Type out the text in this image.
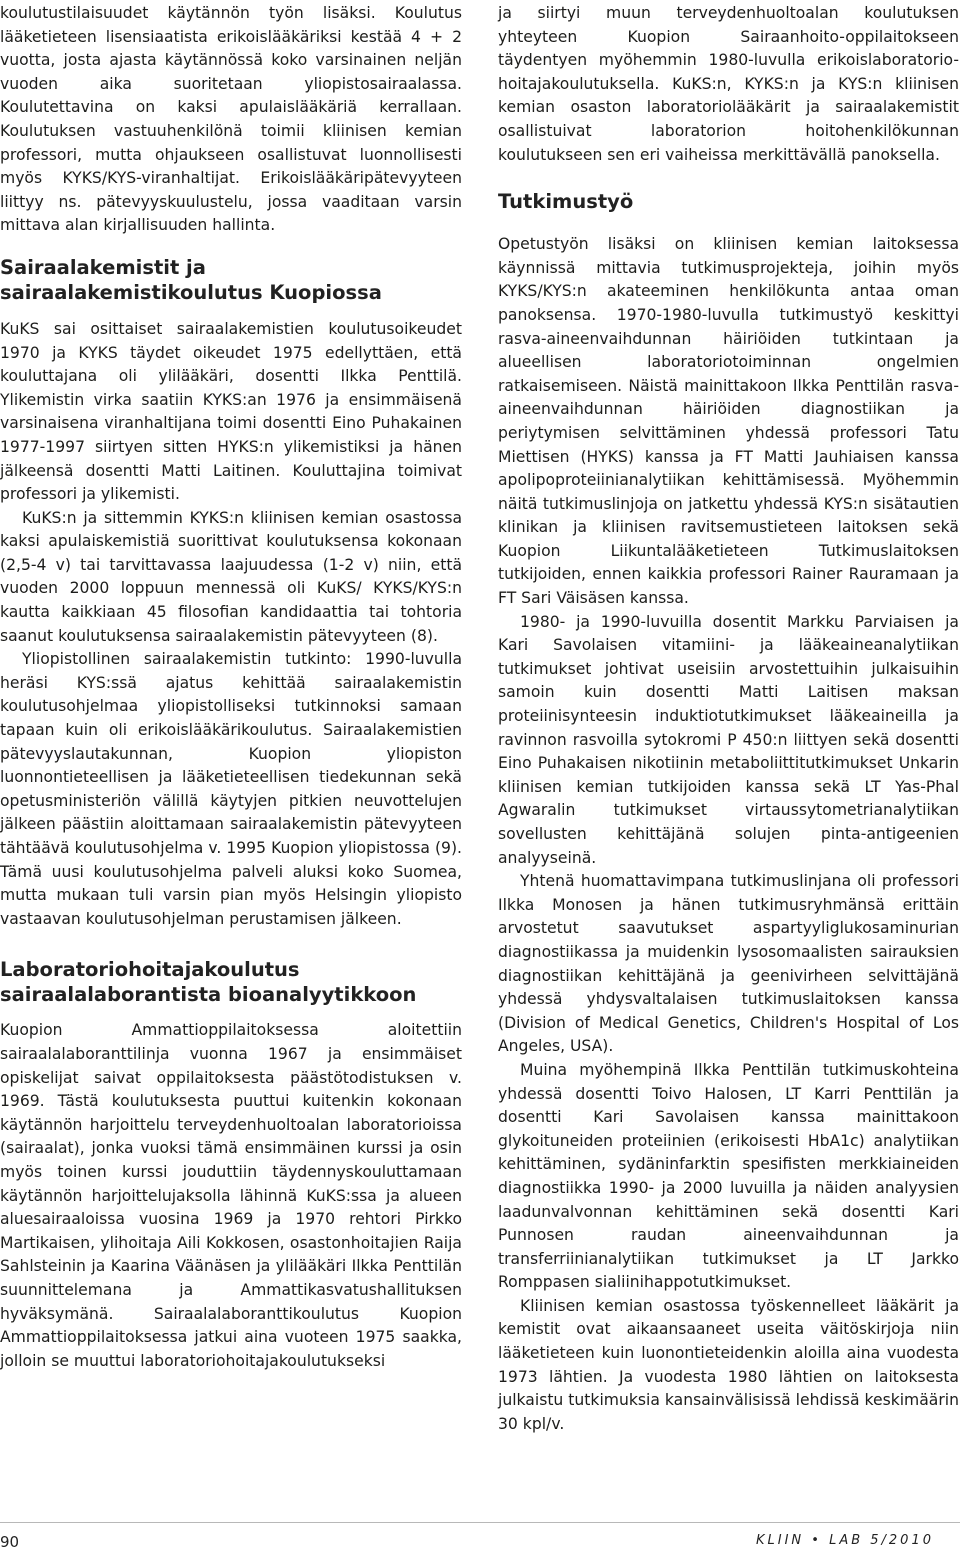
koulutustilaisuudet käytännön työn lisäksi. Koulutus lääketieteen lisensiaatista erikoislääkäriksi kestää 4 + 2 vuotta, josta ajasta käytännössä koko varsinainen neljän vuoden aika suoritetaan yliopistosairaalassa. Koulutettavina on kaksi apulaislääkäriä kerrallaan. Koulutuksen vastuuhenkilönä toimii kliinisen kemian professori, mutta ohjaukseen osallistuvat luonnollisesti myös KYKS/KYS-viranhaltijat. Erikoislääkäripätevyyteen liittyy ns. pätevyyskuulustelu, jossa vaaditaan varsin mittava alan kirjallisuuden hallinta.

Sairaalakemistit ja sairaalakemistikoulutus Kuopiossa

KuKS sai osittaiset sairaalakemistien koulutusoikeudet 1970 ja KYKS täydet oikeudet 1975 edellyttäen, että kouluttajana oli ylilääkäri, dosentti Ilkka Penttilä. Ylikemistin virka saatiin KYKS:an 1976 ja ensimmäisenä varsinaisena viranhaltijana toimi dosentti Eino Puhakainen 1977-1997 siirtyen sitten HYKS:n ylikemistiksi ja hänen jälkeensä dosentti Matti Laitinen. Kouluttajina toimivat professori ja ylikemisti.

KuKS:n ja sittemmin KYKS:n kliinisen kemian osastossa kaksi apulaiskemistiä suorittivat koulutuksensa kokonaan (2,5-4 v) tai tarvittavassa laajuudessa (1-2 v) niin, että vuoden 2000 loppuun mennessä oli KuKS/ KYKS/KYS:n kautta kaikkiaan 45 filosofian kandidaattia tai tohtoria saanut koulutuksensa sairaalakemistin pätevyyteen (8).

Yliopistollinen sairaalakemistin tutkinto: 1990-luvulla heräsi KYS:ssä ajatus kehittää sairaalakemistin koulutusohjelmaa yliopistolliseksi tutkinnoksi samaan tapaan kuin oli erikoislääkärikoulutus. Sairaalakemistien pätevyyslautakunnan, Kuopion yliopiston luonnontieteellisen ja lääketieteellisen tiedekunnan sekä opetusministeriön välillä käytyjen pitkien neuvottelujen jälkeen päästiin aloittamaan sairaalakemistin pätevyyteen tähtäävä koulutusohjelma v. 1995 Kuopion yliopistossa (9). Tämä uusi koulutusohjelma palveli aluksi koko Suomea, mutta mukaan tuli varsin pian myös Helsingin yliopisto vastaavan koulutusohjelman perustamisen jälkeen.

Laboratoriohoitajakoulutus sairaalalaborantista bioanalyytikkoon

Kuopion Ammattioppilaitoksessa aloitettiin sairaalalaboranttilinja vuonna 1967 ja ensimmäiset opiskelijat saivat oppilaitoksesta päästötodistuksen v. 1969. Tästä koulutuksesta puuttui kuitenkin kokonaan käytännön harjoittelu terveydenhuoltoalan laboratorioissa (sairaalat), jonka vuoksi tämä ensimmäinen kurssi ja osin myös toinen kurssi jouduttiin täydennyskouluttamaan käytännön harjoittelujaksolla lähinnä KuKS:ssa ja alueen aluesairaaloissa vuosina 1969 ja 1970 rehtori Pirkko Martikaisen, ylihoitaja Aili Kokkosen, osastonhoitajien Raija Sahlsteinin ja Kaarina Väänäsen ja ylilääkäri Ilkka Penttilän suunnittelemana ja Ammattikasvatushallituksen hyväksymänä. Sairaalalaboranttikoulutus Kuopion Ammattioppilaitoksessa jatkui aina vuoteen 1975 saakka, jolloin se muuttui laboratoriohoitajakoulutukseksi

ja siirtyi muun terveydenhuoltoalan koulutuksen yhteyteen Kuopion Sairaanhoito-oppilaitokseen täydentyen myöhemmin 1980-luvulla erikoislaboratorio-hoitajakoulutuksella. KuKS:n, KYKS:n ja KYS:n kliinisen kemian osaston laboratoriolääkärit ja sairaalakemistit osallistuivat laboratorion hoitohenkilökunnan koulutukseen sen eri vaiheissa merkittävällä panoksella.

Tutkimustyö

Opetustyön lisäksi on kliinisen kemian laitoksessa käynnissä mittavia tutkimusprojekteja, joihin myös KYKS/KYS:n akateeminen henkilökunta antaa oman panoksensa. 1970-1980-luvulla tutkimustyö keskittyi rasva-aineenvaihdunnan häiriöiden tutkintaan ja alueellisen laboratoriotoiminnan ongelmien ratkaisemiseen. Näistä mainittakoon Ilkka Penttilän rasva-aineenvaihdunnan häiriöiden diagnostiikan ja periytymisen selvittäminen yhdessä professori Tatu Miettisen (HYKS) kanssa ja FT Matti Jauhiaisen kanssa apolipoproteiinianalytiikan kehittämisessä. Myöhemmin näitä tutkimuslinjoja on jatkettu yhdessä KYS:n sisätautien klinikan ja kliinisen ravitsemustieteen laitoksen sekä Kuopion Liikuntalääketieteen Tutkimuslaitoksen tutkijoiden, ennen kaikkia professori Rainer Rauramaan ja FT Sari Väisäsen kanssa.

1980- ja 1990-luvuilla dosentit Markku Parviaisen ja Kari Savolaisen vitamiini- ja lääkeaineanalytiikan tutkimukset johtivat useisiin arvostettuihin julkaisuihin samoin kuin dosentti Matti Laitisen maksan proteiinisynteesin induktiotutkimukset lääkeaineilla ja ravinnon rasvoilla sytokromi P 450:n liittyen sekä dosentti Eino Puhakaisen nikotiinin metaboliittitutkimukset Unkarin kliinisen kemian tutkijoiden kanssa sekä LT Yas-Phal Agwaralin tutkimukset virtaussytometrianalytiikan sovellusten kehittäjänä solujen pinta-antigeenien analyyseinä.

Yhtenä huomattavimpana tutkimuslinjana oli professori Ilkka Monosen ja hänen tutkimusryhmänsä erittäin arvostetut saavutukset aspartyyliglukosaminurian diagnostiikassa ja muidenkin lysosomaalisten sairauksien diagnostiikan kehittäjänä ja geenivirheen selvittäjänä yhdessä yhdysvaltalaisen tutkimuslaitoksen kanssa (Division of Medical Genetics, Children's Hospital of Los Angeles, USA).

Muina myöhempinä Ilkka Penttilän tutkimuskohteina yhdessä dosentti Toivo Halosen, LT Karri Penttilän ja dosentti Kari Savolaisen kanssa mainittakoon glykoituneiden proteiinien (erikoisesti HbA1c) analytiikan kehittäminen, sydäninfarktin spesifisten merkkiaineiden diagnostiikka 1990- ja 2000 luvuilla ja näiden analyysien laadunvalvonnan kehittäminen sekä dosentti Kari Punnosen raudan aineenvaihdunnan ja transferriinianalytiikan tutkimukset ja LT Jarkko Romppasen sialiinihappotutkimukset.

Kliinisen kemian osastossa työskennelleet lääkärit ja kemistit ovat aikaansaaneet useita väitöskirjoja niin lääketieteen kuin luonontieteidenkin aloilla aina vuodesta 1973 lähtien. Ja vuodesta 1980 lähtien on laitoksesta julkaistu tutkimuksia kansainvälisissä lehdissä keskimäärin 30 kpl/v.

90	KLIIN • LAB 5/2010
